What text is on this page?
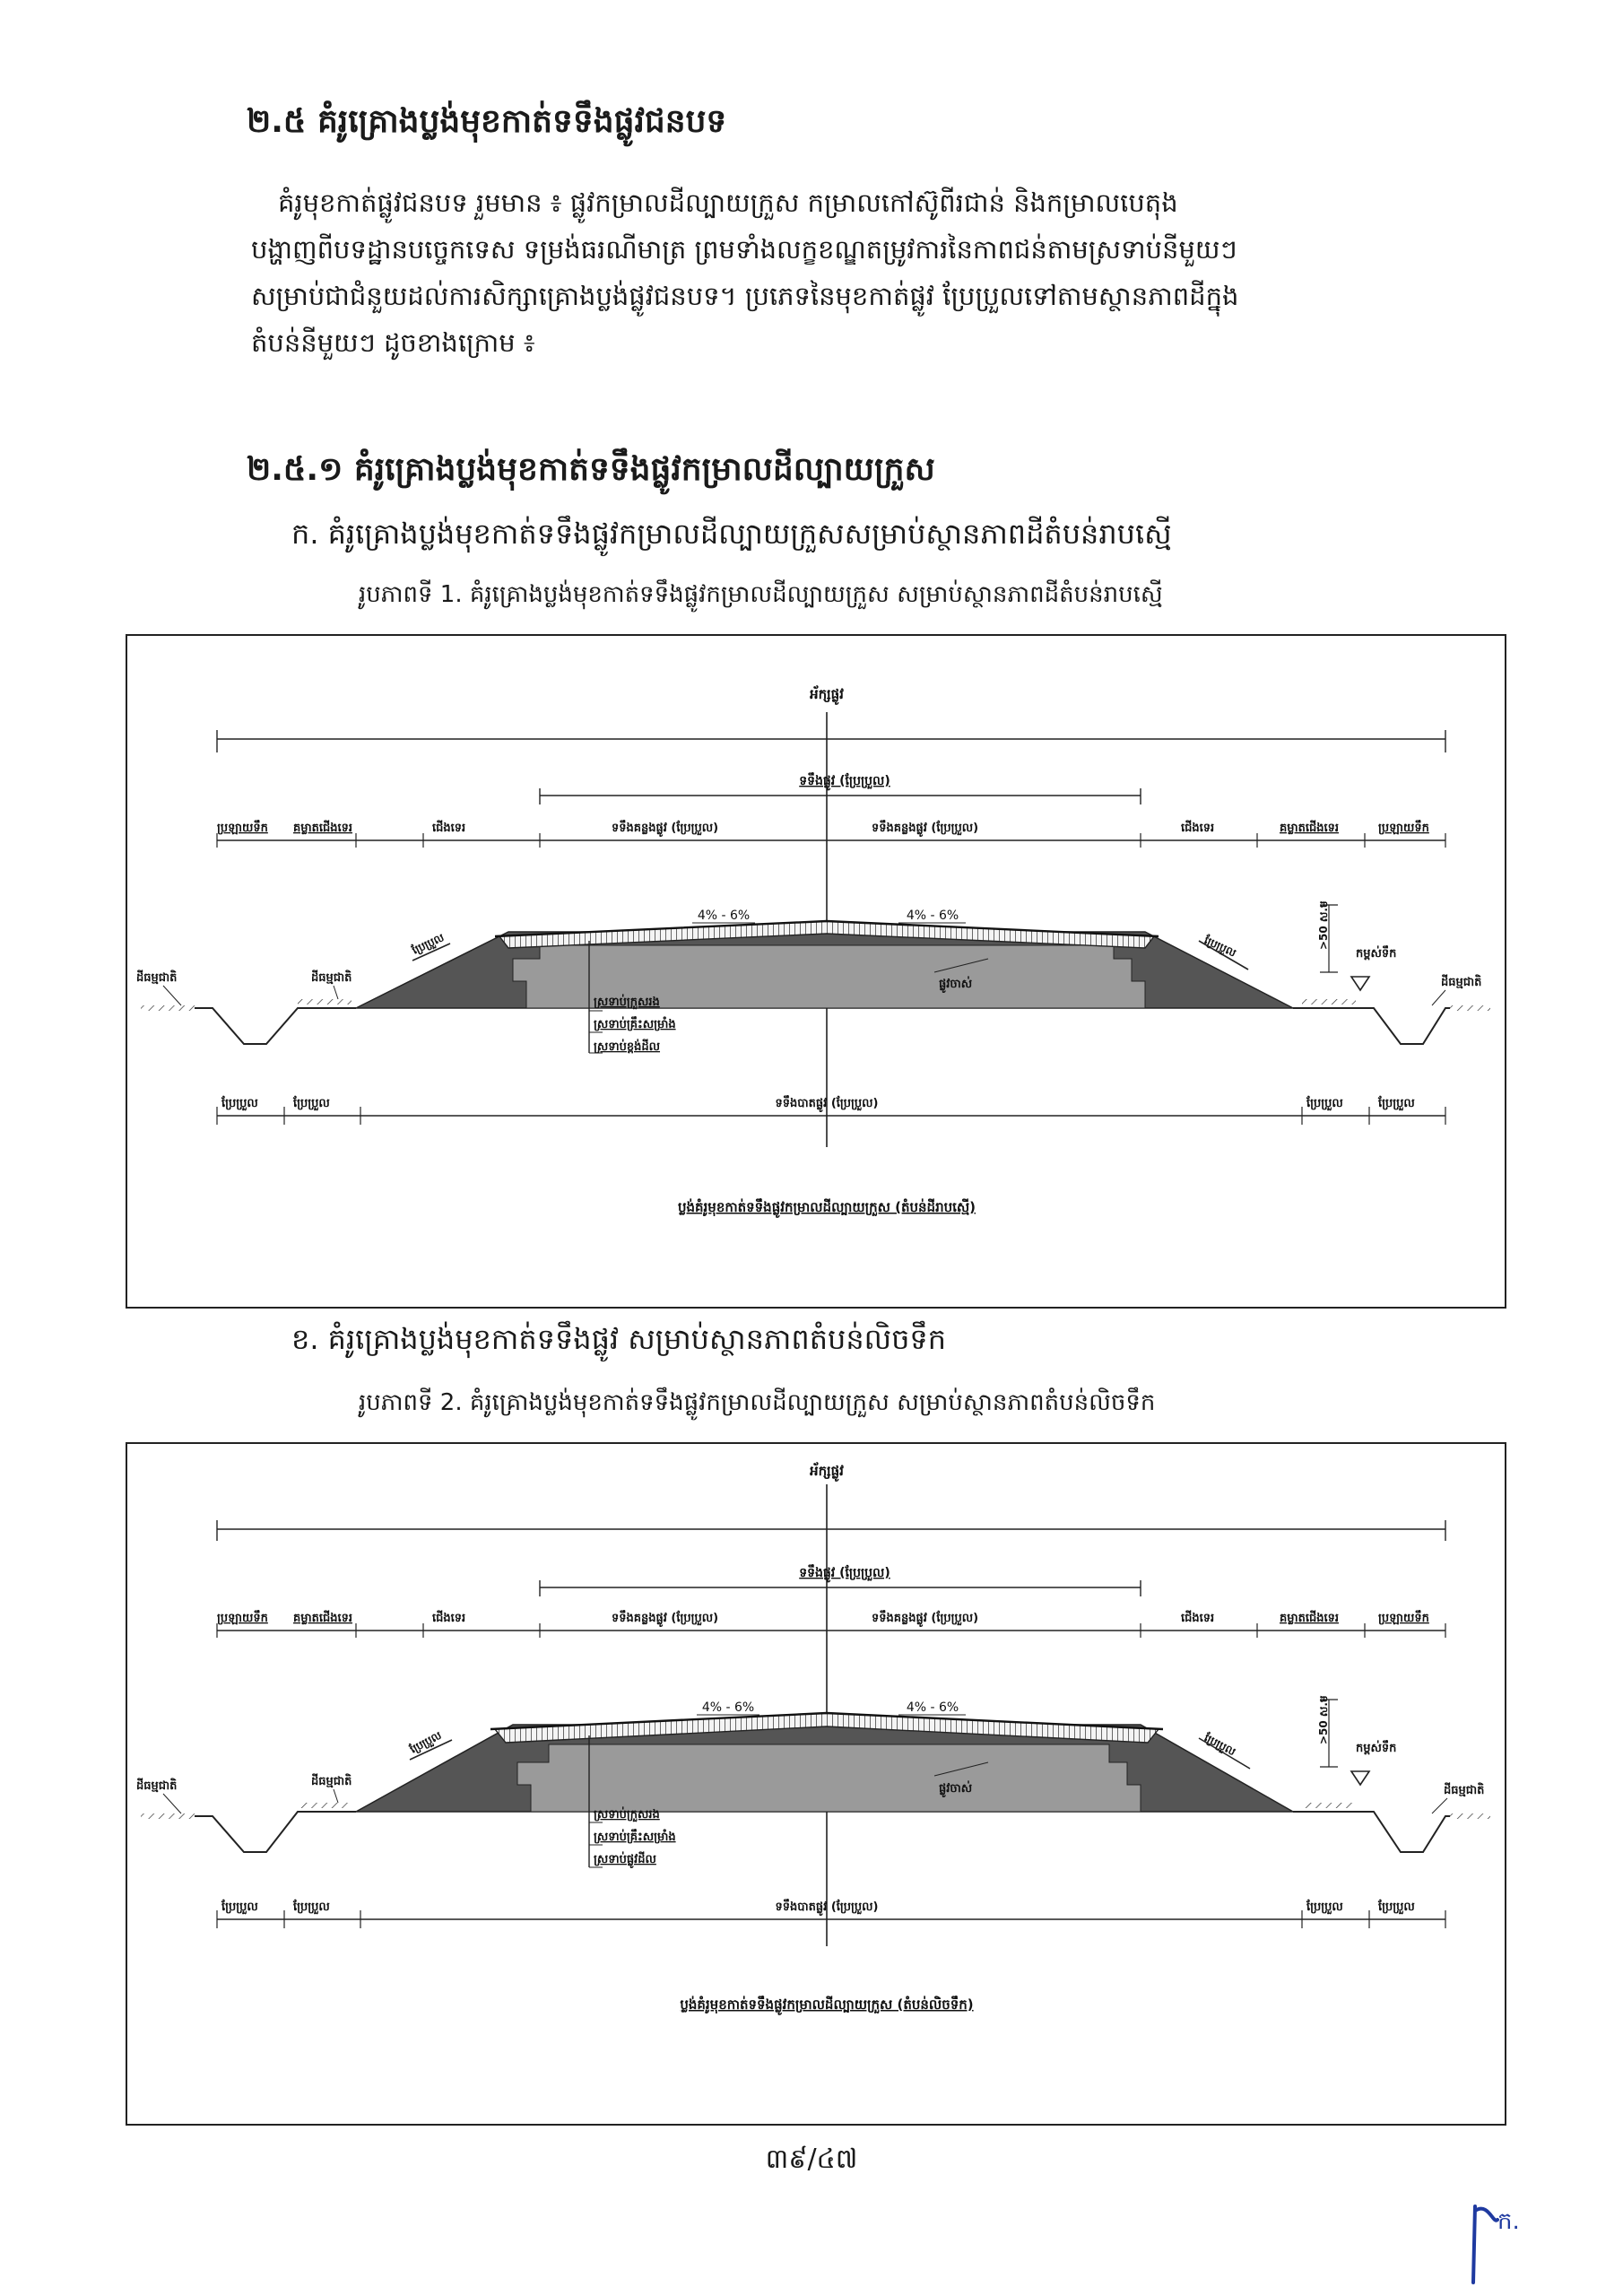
២.៥ គំរូគ្រោងប្លង់មុខកាត់ទទឹងផ្លូវជនបទ
គំរូមុខកាត់ផ្លូវជនបទ រួមមាន ៖ ផ្លូវកម្រាលដីល្បាយក្រួស កម្រាលកៅស៊ូពីរជាន់ និងកម្រាលបេតុង
បង្ហាញពីបទដ្ឋានបច្ចេកទេស ទម្រង់ធរណីមាត្រ ព្រមទាំងលក្ខខណ្ឌតម្រូវការនៃកាពជន់តាមស្រទាប់នីមួយៗ
សម្រាប់ជាជំនួយដល់ការសិក្សាគ្រោងប្លង់ផ្លូវជនបទ។ ប្រភេទនៃមុខកាត់ផ្លូវ ប្រែប្រួលទៅតាមស្ថានភាពដីក្នុង
តំបន់នីមួយៗ ដូចខាងក្រោម ៖
២.៥.១ គំរូគ្រោងប្លង់មុខកាត់ទទឹងផ្លូវកម្រាលដីល្បាយក្រួស
ក. គំរូគ្រោងប្លង់មុខកាត់ទទឹងផ្លូវកម្រាលដីល្បាយក្រួសសម្រាប់ស្ថានភាពដីតំបន់រាបស្មើ
រូបភាពទី 1. គំរូគ្រោងប្លង់មុខកាត់ទទឹងផ្លូវកម្រាលដីល្បាយក្រួស សម្រាប់ស្ថានភាពដីតំបន់រាបស្មើ
អ័ក្សផ្លូវ
ទទឹងផ្លូវ (ប្រែប្រួល)
ប្រឡាយទឹក គម្លាតជើងទេរ	ជើងទេរ	ទទឹងគន្លងផ្លូវ (ប្រែប្រួល)	ទទឹងគន្លងផ្លូវ (ប្រែប្រួល)	ជើងទេរ	គម្លាតជើងទេរ	ប្រឡាយទឹក
4% - 6%	4% - 6%
ដីធម្មជាតិ	ដីធម្មជាតិ	ដីធម្មជាតិ
ប្រែប្រួល	ប្រែប្រួល	>50 ស.ម
កម្ពស់ទឹក
ផ្លូវចាស់
ស្រទាប់ក្រួសរង
ស្រទាប់គ្រឹះសម្រាំង
ស្រទាប់ខ្ពង់ដីល
ប្រែប្រួល	ប្រែប្រួល	ទទឹងបាតផ្លូវ (ប្រែប្រួល)	ប្រែប្រួល	ប្រែប្រួល
ប្លង់គំរូមុខកាត់ទទឹងផ្លូវកម្រាលដីល្បាយក្រួស (តំបន់ដីរាបស្មើ)
ខ. គំរូគ្រោងប្លង់មុខកាត់ទទឹងផ្លូវ សម្រាប់ស្ថានភាពតំបន់លិចទឹក
រូបភាពទី 2. គំរូគ្រោងប្លង់មុខកាត់ទទឹងផ្លូវកម្រាលដីល្បាយក្រួស សម្រាប់ស្ថានភាពតំបន់លិចទឹក
អ័ក្សផ្លូវ
ទទឹងផ្លូវ (ប្រែប្រួល)
ប្រឡាយទឹក គម្លាតជើងទេរ	ជើងទេរ	ទទឹងគន្លងផ្លូវ (ប្រែប្រួល)	ទទឹងគន្លងផ្លូវ (ប្រែប្រួល)	ជើងទេរ	គម្លាតជើងទេរ	ប្រឡាយទឹក
4% - 6%	4% - 6%
ដីធម្មជាតិ	ដីធម្មជាតិ
ដីធម្មជាតិ
ប្រែប្រួល	ប្រែប្រួល
>50 ស.ម
កម្ពស់ទឹក
ផ្លូវចាស់
ស្រទាប់ក្រួសរង
ស្រទាប់គ្រឹះសម្រាំង
ស្រទាប់ផ្លូវដីល
ប្រែប្រួល	ប្រែប្រួល	ទទឹងបាតផ្លូវ (ប្រែប្រួល)	ប្រែប្រួល	ប្រែប្រួល
ប្លង់គំរូមុខកាត់ទទឹងផ្លូវកម្រាលដីល្បាយក្រួស (តំបន់លិចទឹក)
៣៩/៤៧
ក.
